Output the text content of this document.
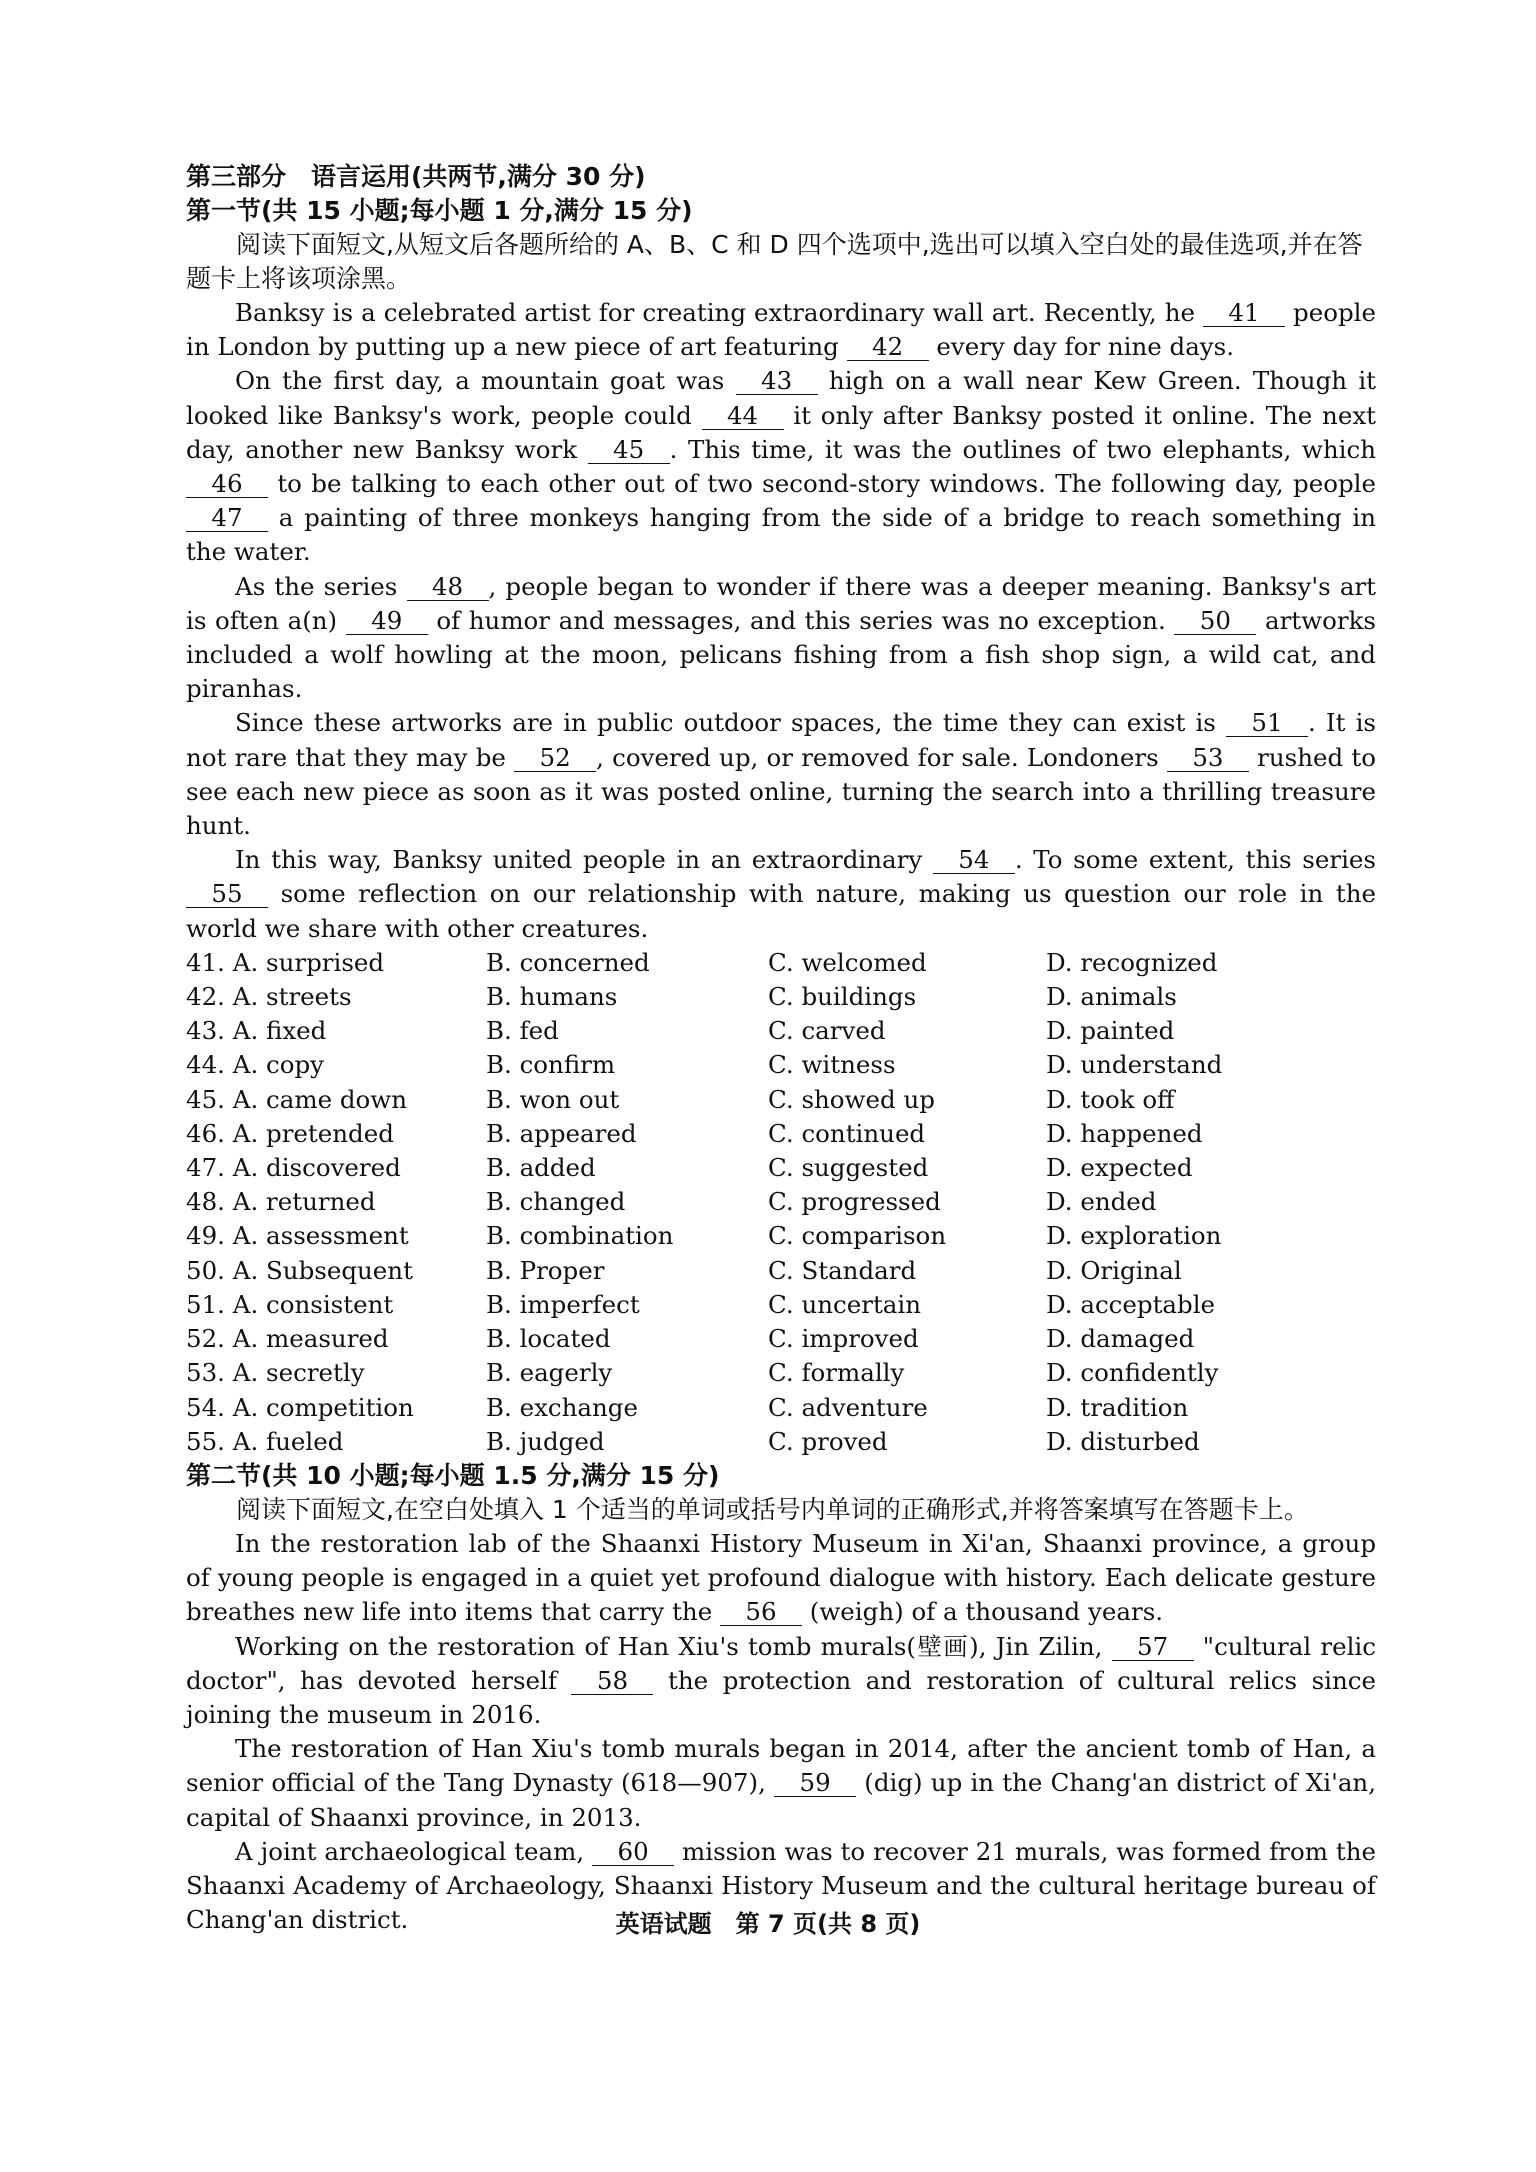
第三部分　语言运用(共两节,满分 30 分)

第一节(共 15 小题;每小题 1 分,满分 15 分)

阅读下面短文,从短文后各题所给的 A、B、C 和 D 四个选项中,选出可以填入空白处的最佳选项,并在答题卡上将该项涂黑。

Banksy is a celebrated artist for creating extraordinary wall art. Recently, he 41 people in London by putting up a new piece of art featuring 42 every day for nine days.

On the first day, a mountain goat was 43 high on a wall near Kew Green. Though it looked like Banksy's work, people could 44 it only after Banksy posted it online. The next day, another new Banksy work 45 . This time, it was the outlines of two elephants, which 46 to be talking to each other out of two second-story windows. The following day, people 47 a painting of three monkeys hanging from the side of a bridge to reach something in the water.

As the series 48 , people began to wonder if there was a deeper meaning. Banksy's art is often a(n) 49 of humor and messages, and this series was no exception. 50 artworks included a wolf howling at the moon, pelicans fishing from a fish shop sign, a wild cat, and piranhas.

Since these artworks are in public outdoor spaces, the time they can exist is 51 . It is not rare that they may be 52 , covered up, or removed for sale. Londoners 53 rushed to see each new piece as soon as it was posted online, turning the search into a thrilling treasure hunt.

In this way, Banksy united people in an extraordinary 54 . To some extent, this series 55 some reflection on our relationship with nature, making us question our role in the world we share with other creatures.

41. A. surprised	B. concerned	C. welcomed	D. recognized
42. A. streets	B. humans	C. buildings	D. animals
43. A. fixed	B. fed	C. carved	D. painted
44. A. copy	B. confirm	C. witness	D. understand
45. A. came down	B. won out	C. showed up	D. took off
46. A. pretended	B. appeared	C. continued	D. happened
47. A. discovered	B. added	C. suggested	D. expected
48. A. returned	B. changed	C. progressed	D. ended
49. A. assessment	B. combination	C. comparison	D. exploration
50. A. Subsequent	B. Proper	C. Standard	D. Original
51. A. consistent	B. imperfect	C. uncertain	D. acceptable
52. A. measured	B. located	C. improved	D. damaged
53. A. secretly	B. eagerly	C. formally	D. confidently
54. A. competition	B. exchange	C. adventure	D. tradition
55. A. fueled	B. judged	C. proved	D. disturbed

第二节(共 10 小题;每小题 1.5 分,满分 15 分)

阅读下面短文,在空白处填入 1 个适当的单词或括号内单词的正确形式,并将答案填写在答题卡上。

In the restoration lab of the Shaanxi History Museum in Xi'an, Shaanxi province, a group of young people is engaged in a quiet yet profound dialogue with history. Each delicate gesture breathes new life into items that carry the 56 (weigh) of a thousand years.

Working on the restoration of Han Xiu's tomb murals(壁画), Jin Zilin, 57 "cultural relic doctor", has devoted herself 58 the protection and restoration of cultural relics since joining the museum in 2016.

The restoration of Han Xiu's tomb murals began in 2014, after the ancient tomb of Han, a senior official of the Tang Dynasty (618—907), 59 (dig) up in the Chang'an district of Xi'an, capital of Shaanxi province, in 2013.

A joint archaeological team, 60 mission was to recover 21 murals, was formed from the Shaanxi Academy of Archaeology, Shaanxi History Museum and the cultural heritage bureau of Chang'an district.	英语试题　第 7 页(共 8 页)
